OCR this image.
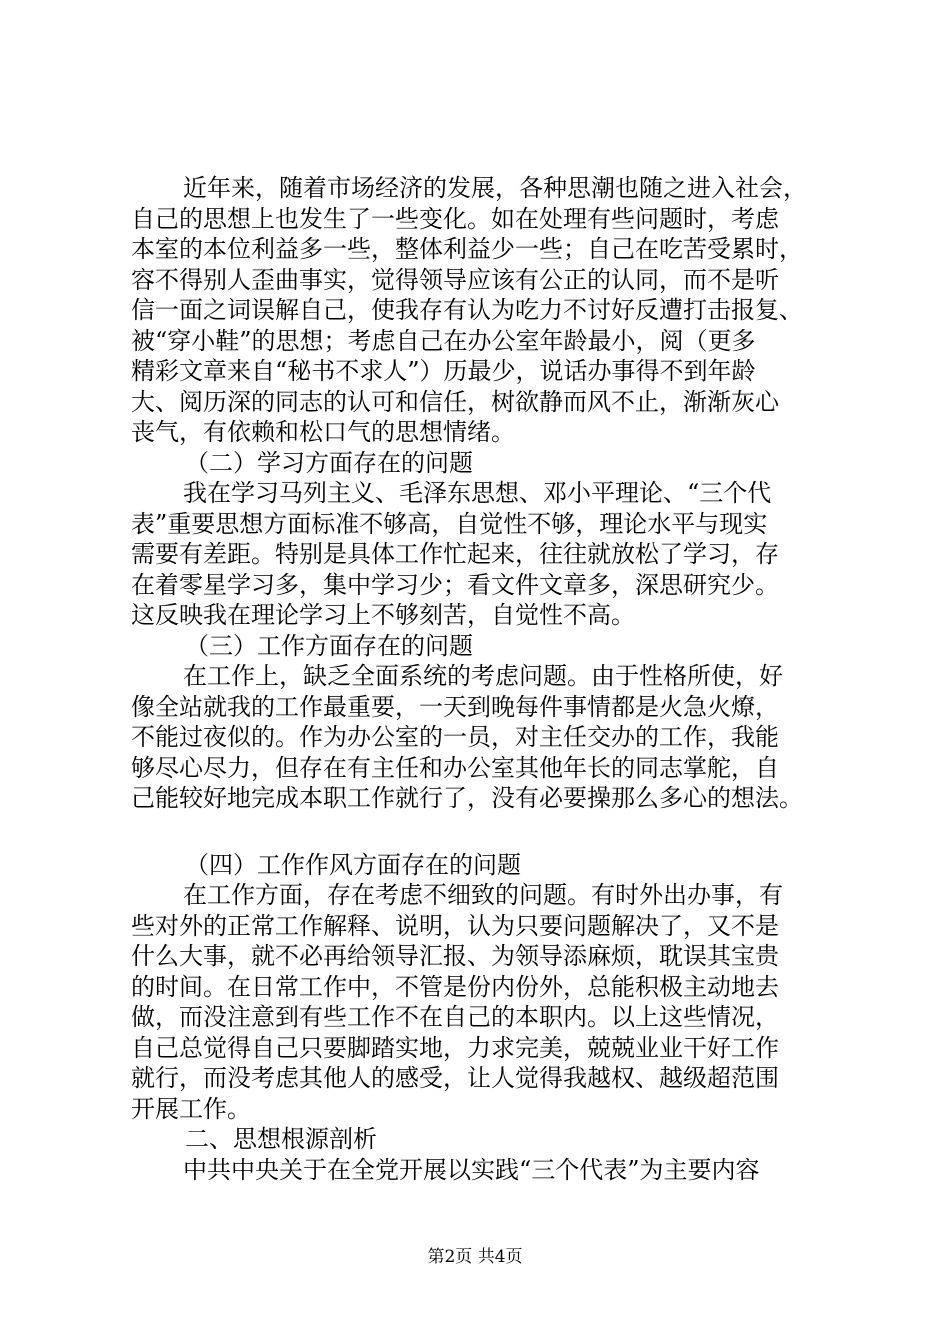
近年来，随着市场经济的发展，各种思潮也随之进入社会，
自己的思想上也发生了一些变化。如在处理有些问题时，考虑
本室的本位利益多一些，整体利益少一些；自己在吃苦受累时，
容不得别人歪曲事实，觉得领导应该有公正的认同，而不是听
信一面之词误解自己，使我存有认为吃力不讨好反遭打击报复、
被“穿小鞋”的思想；考虑自己在办公室年龄最小，阅（更多
精彩文章来自“秘书不求人”）历最少，说话办事得不到年龄
大、阅历深的同志的认可和信任，树欲静而风不止，渐渐灰心
丧气，有依赖和松口气的思想情绪。
（二）学习方面存在的问题
我在学习马列主义、毛泽东思想、邓小平理论、“三个代
表”重要思想方面标准不够高，自觉性不够，理论水平与现实
需要有差距。特别是具体工作忙起来，往往就放松了学习，存
在着零星学习多，集中学习少；看文件文章多，深思研究少。
这反映我在理论学习上不够刻苦，自觉性不高。
（三）工作方面存在的问题
在工作上，缺乏全面系统的考虑问题。由于性格所使，好
像全站就我的工作最重要，一天到晚每件事情都是火急火燎，
不能过夜似的。作为办公室的一员，对主任交办的工作，我能
够尽心尽力，但存在有主任和办公室其他年长的同志掌舵，自
己能较好地完成本职工作就行了，没有必要操那么多心的想法。
（四）工作作风方面存在的问题
在工作方面，存在考虑不细致的问题。有时外出办事，有
些对外的正常工作解释、说明，认为只要问题解决了，又不是
什么大事，就不必再给领导汇报、为领导添麻烦，耽误其宝贵
的时间。在日常工作中，不管是份内份外，总能积极主动地去
做，而没注意到有些工作不在自己的本职内。以上这些情况，
自己总觉得自己只要脚踏实地，力求完美，兢兢业业干好工作
就行，而没考虑其他人的感受，让人觉得我越权、越级超范围
开展工作。
二、思想根源剖析
中共中央关于在全党开展以实践“三个代表”为主要内容
第2页 共4页
